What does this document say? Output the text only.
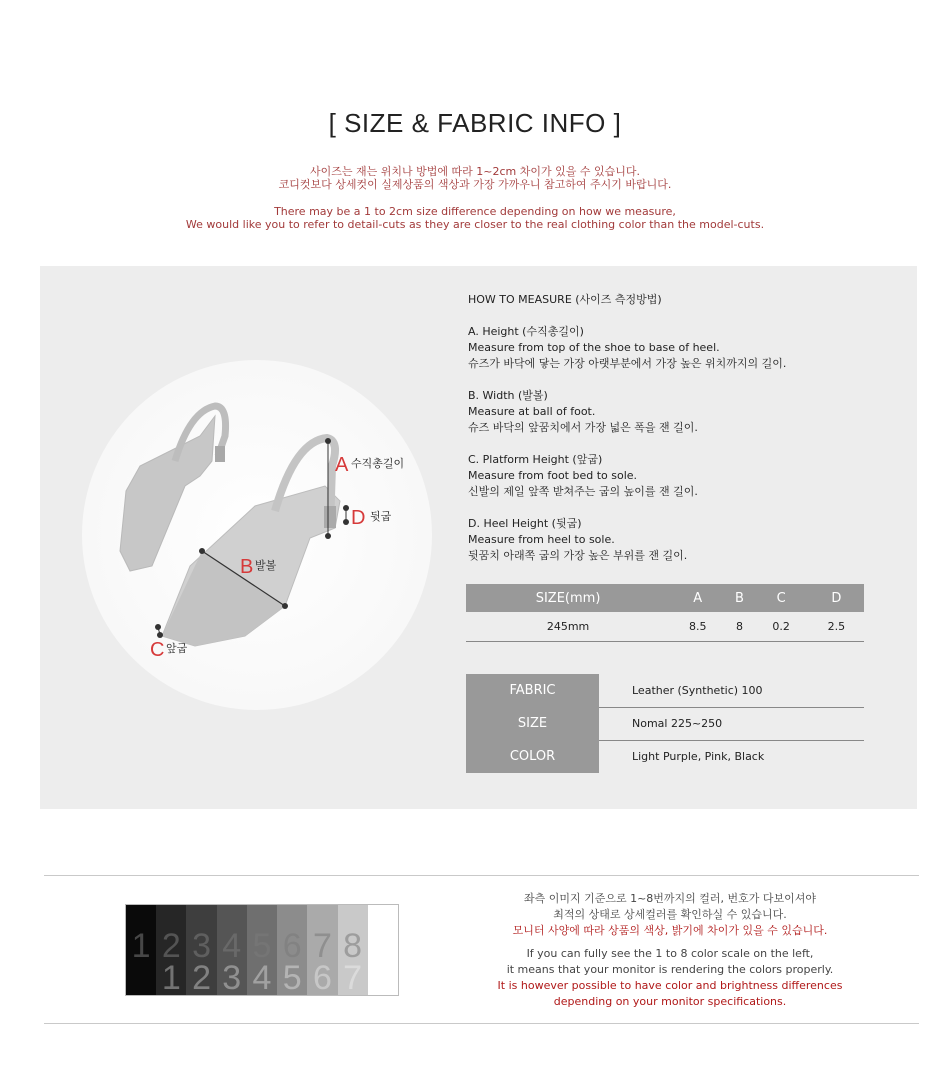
[ SIZE & FABRIC INFO ]
사이즈는 재는 위치나 방법에 따라 1~2cm 차이가 있을 수 있습니다.
코디컷보다 상세컷이 실제상품의 색상과 가장 가까우니 참고하여 주시기 바랍니다.
There may be a 1 to 2cm size difference depending on how we measure,
We would like you to refer to detail-cuts as they are closer to the real clothing color than the model-cuts.
A 수직총길이
B 발볼
C 앞굽
D 뒷굽

HOW TO MEASURE (사이즈 측정방법)

A. Height (수직총길이)
Measure from top of the shoe to base of heel.
슈즈가 바닥에 닿는 가장 아랫부분에서 가장 높은 위치까지의 길이.

B. Width (발볼)
Measure at ball of foot.
슈즈 바닥의 앞꿈치에서 가장 넓은 폭을 잰 길이.

C. Platform Height (앞굽)
Measure from foot bed to sole.
신발의 제일 앞쪽 받쳐주는 굽의 높이를 잰 길이.

D. Heel Height (뒷굽)
Measure from heel to sole.
뒷꿈치 아래쪽 굽의 가장 높은 부위를 잰 길이.

SIZE(mm)	A	B	C	D
245mm	8.5	8	0.2	2.5
FABRIC	Leather (Synthetic) 100
SIZE	Nomal 225~250
COLOR	Light Purple, Pink, Black
1 2
1
3
2
4
3
5
4
6
5
7
6
8
7 8
좌측 이미지 기준으로 1~8번까지의 컬러, 번호가 다보이셔야
최적의 상태로 상세컬러를 확인하실 수 있습니다.
모니터 사양에 따라 상품의 색상, 밝기에 차이가 있을 수 있습니다.
If you can fully see the 1 to 8 color scale on the left,
it means that your monitor is rendering the colors properly.
It is however possible to have color and brightness differences
depending on your monitor specifications.
